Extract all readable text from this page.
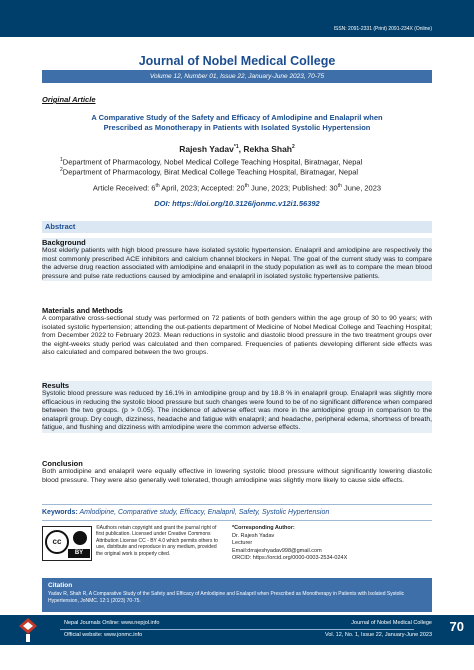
ISSN: 2091-2331 (Print) 2091-234X (Online)
Journal of Nobel Medical College
Volume 12, Number 01, Issue 22, January-June 2023, 70-75
Original Article
A Comparative Study of the Safety and Efficacy of Amlodipine and Enalapril when
Prescribed as Monotherapy in Patients with Isolated Systolic Hypertension
Rajesh Yadav$^{*1}$, Rekha Shah$^2$
$^1$Department of Pharmacology, Nobel Medical College Teaching Hospital, Biratnagar, Nepal
$^2$Department of Pharmacology, Birat Medical College Teaching Hospital, Biratnagar, Nepal
Article Received: 6th April, 2023; Accepted: 20th June, 2023; Published: 30th June, 2023
DOI: https://doi.org/10.3126/jonmc.v12i1.56392
Abstract
Background
Most elderly patients with high blood pressure have isolated systolic hypertension. Enalapril and amlodipine are respectively the most commonly prescribed ACE inhibitors and calcium channel blockers in Nepal. The goal of the current study was to compare the adverse drug reaction associated with amlodipine and enalapril in the study population as well as to compare the mean blood pressure and pulse rate reductions caused by amlodipine and enalapril in isolated systolic hypertensive patients.
Materials and Methods
A comparative cross-sectional study was performed on 72 patients of both genders within the age group of 30 to 90 years; with isolated systolic hypertension; attending the out-patients department of Medicine of Nobel Medical College and Teaching Hospital; from December 2022 to February 2023. Mean reductions in systolic and diastolic blood pressure in the two treatment groups over the eight-weeks study period was calculated and then compared. Frequencies of patients developing different side effects was also calculated and compared between the two groups.
Results
Systolic blood pressure was reduced by 16.1% in amlodipine group and by 18.8 % in enalapril group. Enalapril was slightly more efficacious in reducing the systolic blood pressure but such changes were found to be of no significant difference when compared between the two groups. (p > 0.05). The incidence of adverse effect was more in the amlodipine group in comparison to the enalapril group. Dry cough, dizziness, headache and fatigue with enalapril; and headache, peripheral edema, shortness of breath, fatigue, and flushing and dizziness with amlodipine were the common adverse effects.
Conclusion
Both amlodipine and enalapril were equally effective in lowering systolic blood pressure without significantly lowering diastolic blood pressure. They were also generally well tolerated, though amlodipine was slightly more likely to cause side effects.
Keywords: Amlodipine, Comparative study, Efficacy, Enalapril, Safety, Systolic Hypertension
cc
BY
©Authors retain copyright and grant the journal right of first publication. Licensed under Creative Commons Attribution License CC - BY 4.0 which permits others to use, distribute and reproduce in any medium, provided the original work is properly cited.
*Corresponding Author:
Dr. Rajesh Yadav
Lecturer
Email:drrajeshyadav998@gmail.com
ORCID: https://orcid.org/0000-0003-2534-024X
Citation
Yadav R, Shah R, A Comparative Study of the Safety and Efficacy of Amlodipine and Enalapril when Prescribed as Monotherapy in Patients with Isolated Systolic Hypertension, JoNMC. 12:1 (2023) 70-75.
Nepal Journals Online: www.nepjol.info
Official website: www.jonmc.info
Journal of Nobel Medical College
Vol. 12, No. 1, Issue 22, January-June 2023
70
